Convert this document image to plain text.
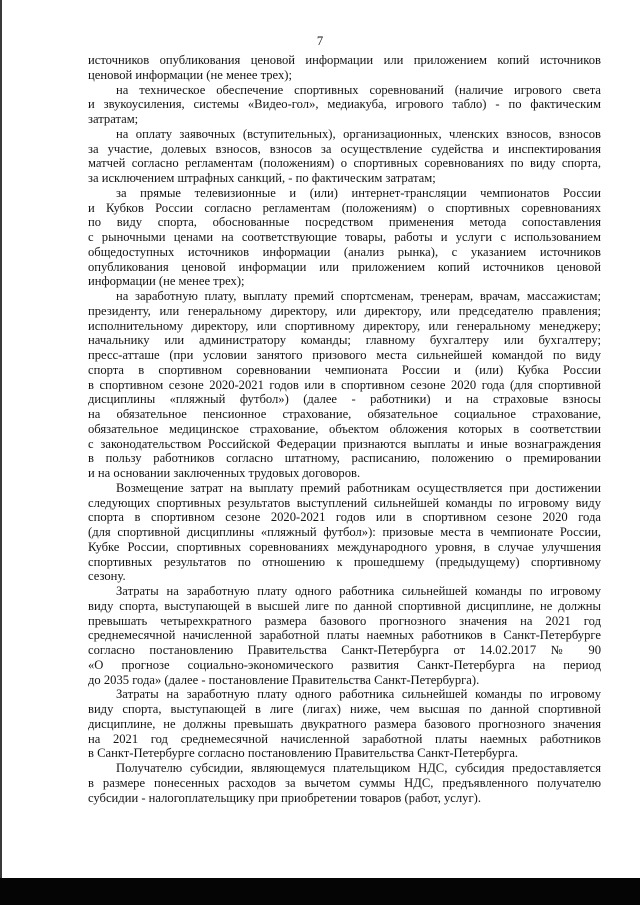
7
источников опубликования ценовой информации или приложением копий источников
ценовой информации (не менее трех);
на техническое обеспечение спортивных соревнований (наличие игрового света
и звукоусиления, системы «Видео-гол», медиакуба, игрового табло) - по фактическим
затратам;
на оплату заявочных (вступительных), организационных, членских взносов, взносов
за участие, долевых взносов, взносов за осуществление судейства и инспектирования
матчей согласно регламентам (положениям) о спортивных соревнованиях по виду спорта,
за исключением штрафных санкций, - по фактическим затратам;
за прямые телевизионные и (или) интернет-трансляции чемпионатов России
и Кубков России согласно регламентам (положениям) о спортивных соревнованиях
по виду спорта, обоснованные посредством применения метода сопоставления
с рыночными ценами на соответствующие товары, работы и услуги с использованием
общедоступных источников информации (анализ рынка), с указанием источников
опубликования ценовой информации или приложением копий источников ценовой
информации (не менее трех);
на заработную плату, выплату премий спортсменам, тренерам, врачам, массажистам;
президенту, или генеральному директору, или директору, или председателю правления;
исполнительному директору, или спортивному директору, или генеральному менеджеру;
начальнику или администратору команды; главному бухгалтеру или бухгалтеру;
пресс-атташе (при условии занятого призового места сильнейшей командой по виду
спорта в спортивном соревновании чемпионата России и (или) Кубка России
в спортивном сезоне 2020-2021 годов или в спортивном сезоне 2020 года (для спортивной
дисциплины «пляжный футбол») (далее - работники) и на страховые взносы
на обязательное пенсионное страхование, обязательное социальное страхование,
обязательное медицинское страхование, объектом обложения которых в соответствии
с законодательством Российской Федерации признаются выплаты и иные вознаграждения
в пользу работников согласно штатному, расписанию, положению о премировании
и на основании заключенных трудовых договоров.
Возмещение затрат на выплату премий работникам осуществляется при достижении
следующих спортивных результатов выступлений сильнейшей команды по игровому виду
спорта в спортивном сезоне 2020-2021 годов или в спортивном сезоне 2020 года
(для спортивной дисциплины «пляжный футбол»): призовые места в чемпионате России,
Кубке России, спортивных соревнованиях международного уровня, в случае улучшения
спортивных результатов по отношению к прошедшему (предыдущему) спортивному
сезону.
Затраты на заработную плату одного работника сильнейшей команды по игровому
виду спорта, выступающей в высшей лиге по данной спортивной дисциплине, не должны
превышать четырехкратного размера базового прогнозного значения на 2021 год
среднемесячной начисленной заработной платы наемных работников в Санкт-Петербурге
согласно постановлению Правительства Санкт-Петербурга от 14.02.2017 № 90
«О прогнозе социально-экономического развития Санкт-Петербурга на период
до 2035 года» (далее - постановление Правительства Санкт-Петербурга).
Затраты на заработную плату одного работника сильнейшей команды по игровому
виду спорта, выступающей в лиге (лигах) ниже, чем высшая по данной спортивной
дисциплине, не должны превышать двукратного размера базового прогнозного значения
на 2021 год среднемесячной начисленной заработной платы наемных работников
в Санкт-Петербурге согласно постановлению Правительства Санкт-Петербурга.
Получателю субсидии, являющемуся плательщиком НДС, субсидия предоставляется
в размере понесенных расходов за вычетом суммы НДС, предъявленного получателю
субсидии - налогоплательщику при приобретении товаров (работ, услуг).
